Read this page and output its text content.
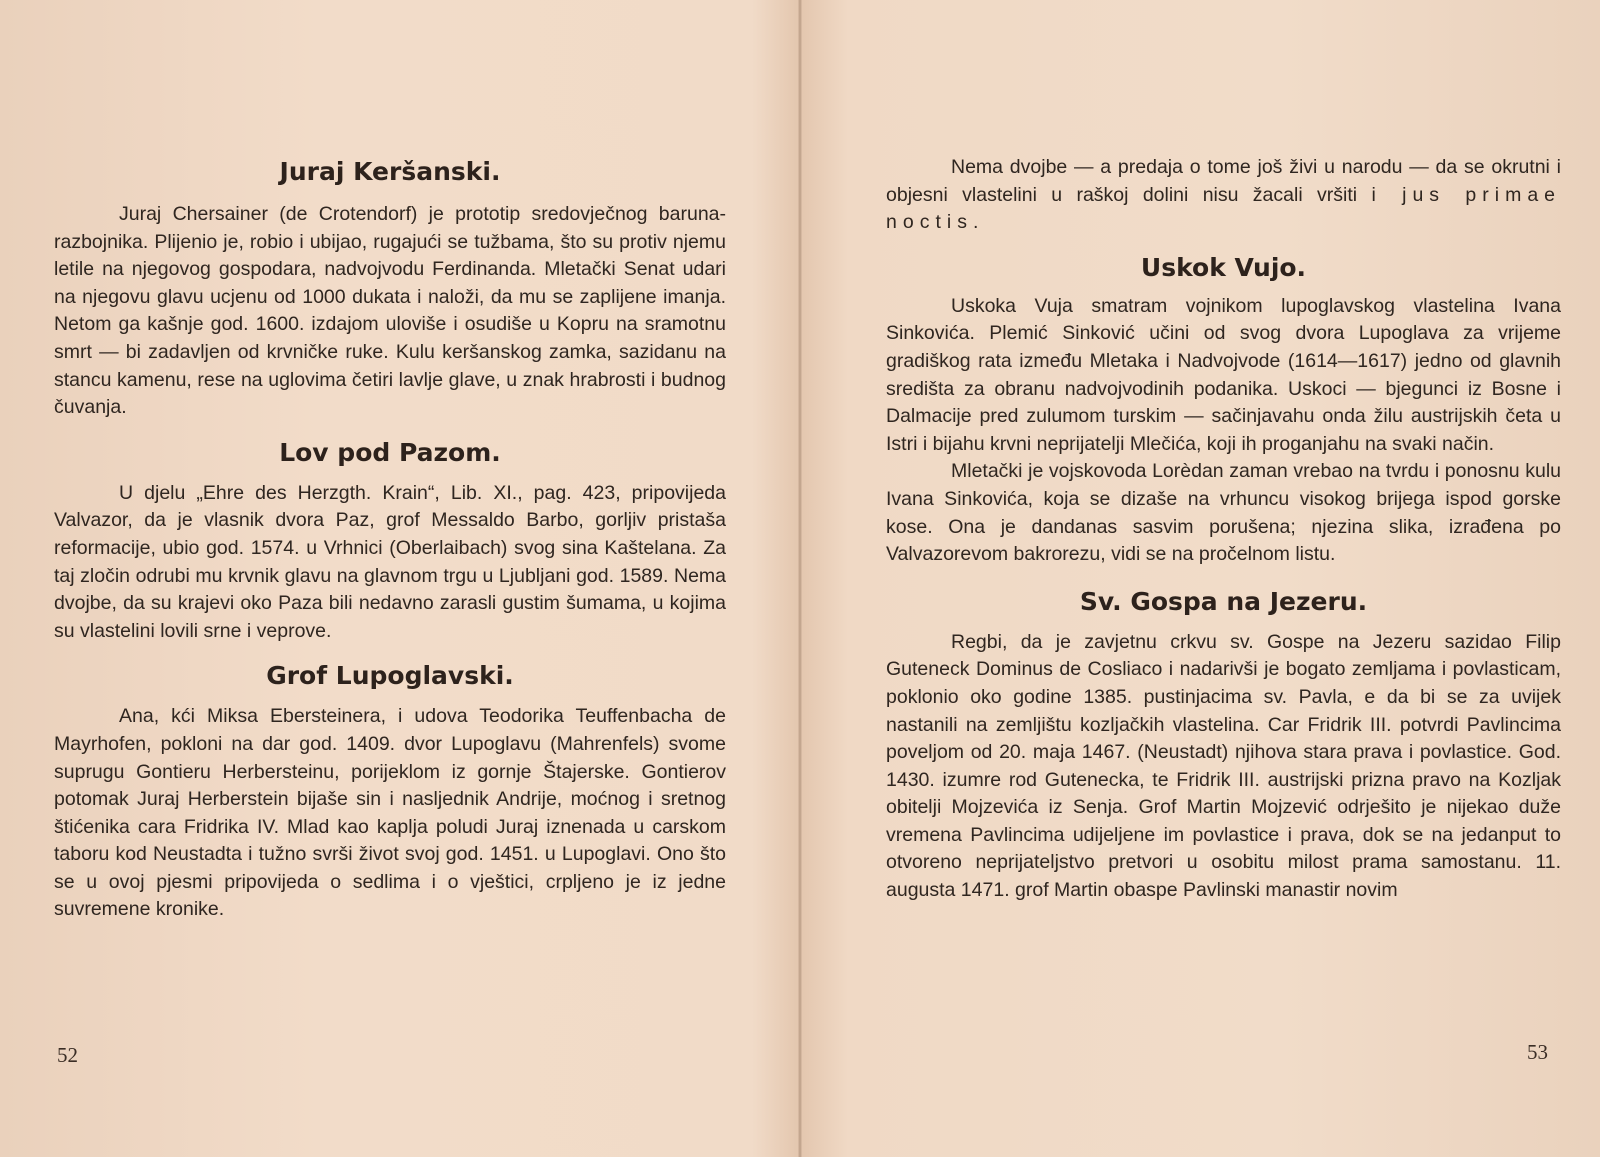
Juraj Keršanski.

Juraj Chersainer (de Crotendorf) je prototip sredovječnog baruna-razbojnika. Plijenio je, robio i ubijao, rugajući se tužbama, što su protiv njemu letile na njegovog gospodara, nadvojvodu Ferdinanda. Mletački Senat udari na njegovu glavu ucjenu od 1000 dukata i naloži, da mu se zaplijene imanja. Netom ga kašnje god. 1600. izdajom uloviše i osudiše u Kopru na sramotnu smrt — bi zadavljen od krvničke ruke. Kulu keršanskog zamka, sazidanu na stancu kamenu, rese na uglovima četiri lavlje glave, u znak hrabrosti i budnog čuvanja.

Lov pod Pazom.

U djelu „Ehre des Herzgth. Krain“, Lib. XI., pag. 423, pripovijeda Valvazor, da je vlasnik dvora Paz, grof Messaldo Barbo, gorljiv pristaša reformacije, ubio god. 1574. u Vrhnici (Oberlaibach) svog sina Kaštelana. Za taj zločin odrubi mu krvnik glavu na glavnom trgu u Ljubljani god. 1589. Nema dvojbe, da su krajevi oko Paza bili nedavno zarasli gustim šumama, u kojima su vlastelini lovili srne i veprove.

Grof Lupoglavski.

Ana, kći Miksa Ebersteinera, i udova Teodorika Teuffenbacha de Mayrhofen, pokloni na dar god. 1409. dvor Lupoglavu (Mahrenfels) svome suprugu Gontieru Herbersteinu, porijeklom iz gornje Štajerske. Gontierov potomak Juraj Herberstein bijaše sin i nasljednik Andrije, moćnog i sretnog štićenika cara Fridrika IV. Mlad kao kaplja poludi Juraj iznenada u carskom taboru kod Neustadta i tužno svrši život svoj god. 1451. u Lupoglavi. Ono što se u ovoj pjesmi pripovijeda o sedlima i o vještici, crpljeno je iz jedne suvremene kronike.

52

Nema dvojbe — a predaja o tome još živi u narodu — da se okrutni i objesni vlastelini u raškoj dolini nisu žacali vršiti i jus primae noctis.

Uskok Vujo.

Uskoka Vuja smatram vojnikom lupoglavskog vlastelina Ivana Sinkovića. Plemić Sinković učini od svog dvora Lupoglava za vrijeme gradiškog rata između Mletaka i Nadvojvode (1614—1617) jedno od glavnih središta za obranu nadvojvodinih podanika. Uskoci — bjegunci iz Bosne i Dalmacije pred zulumom turskim — sačinjavahu onda žilu austrijskih četa u Istri i bijahu krvni neprijatelji Mlečića, koji ih proganjahu na svaki način.

Mletački je vojskovoda Lorèdan zaman vrebao na tvrdu i ponosnu kulu Ivana Sinkovića, koja se dizaše na vrhuncu visokog brijega ispod gorske kose. Ona je dandanas sasvim porušena; njezina slika, izrađena po Valvazorevom bakrorezu, vidi se na pročelnom listu.

Sv. Gospa na Jezeru.

Regbi, da je zavjetnu crkvu sv. Gospe na Jezeru sazidao Filip Guteneck Dominus de Cosliaco i nadarivši je bogato zemljama i povlasticam, poklonio oko godine 1385. pustinjacima sv. Pavla, e da bi se za uvijek nastanili na zemljištu kozljačkih vlastelina. Car Fridrik III. potvrdi Pavlincima poveljom od 20. maja 1467. (Neustadt) njihova stara prava i povlastice. God. 1430. izumre rod Gutenecka, te Fridrik III. austrijski prizna pravo na Kozljak obitelji Mojzevića iz Senja. Grof Martin Mojzević odrješito je nijekao duže vremena Pavlincima udijeljene im povlastice i prava, dok se na jedanput to otvoreno neprijateljstvo pretvori u osobitu milost prama samostanu. 11. augusta 1471. grof Martin obaspe Pavlinski manastir novim

53
